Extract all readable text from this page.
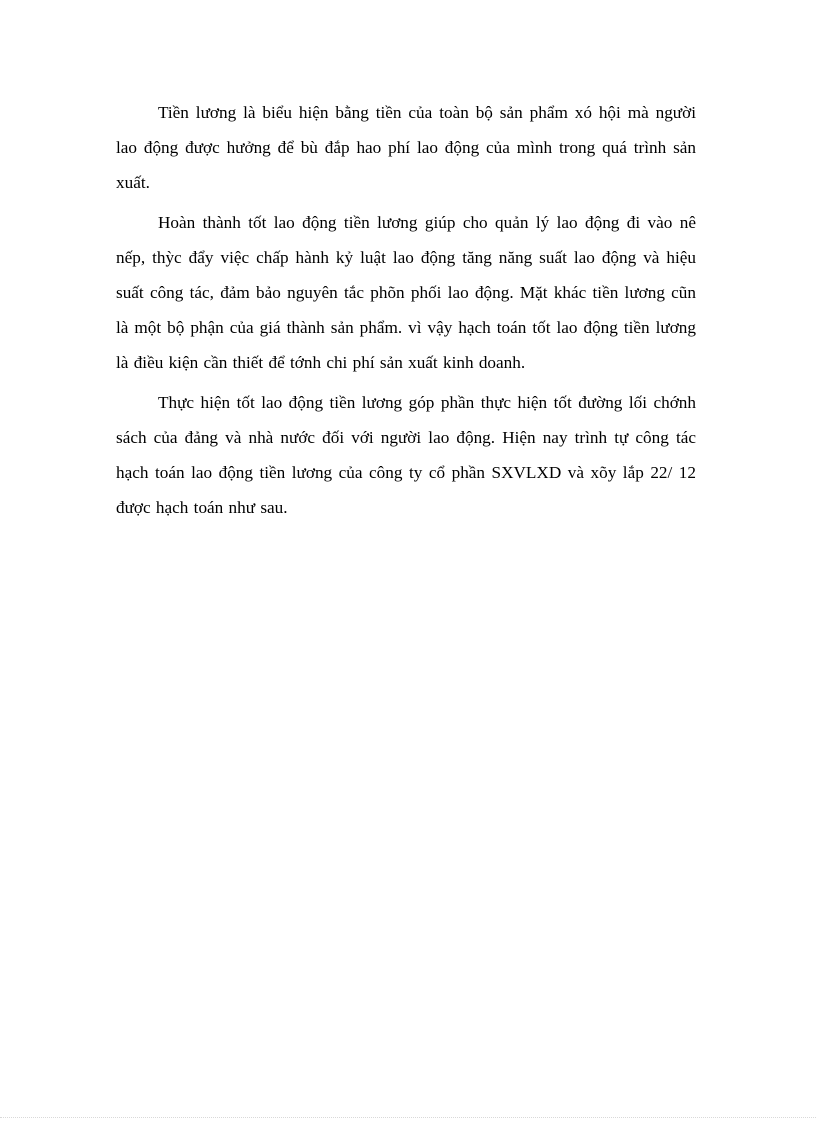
Tiền lương là biểu hiện bằng tiền của toàn bộ sản phẩm xó hội mà người lao động được hưởng để bù đắp hao phí lao động của mình trong quá trình sản xuất.

Hoàn thành tốt lao động tiền lương giúp cho quản lý lao động đi vào nê nếp, thỳc đẩy việc chấp hành kỷ luật lao động tăng năng suất lao động và hiệu suất công tác, đảm bảo nguyên tắc phõn phối lao động. Mặt khác tiền lương cũn là một bộ phận của giá thành sản phẩm. vì vậy hạch toán tốt lao động tiền lương là điều kiện cần thiết để tớnh chi phí sản xuất kinh doanh.

Thực hiện tốt lao động tiền lương góp phần thực hiện tốt đường lối chớnh sách của đảng và nhà nước đối với người lao động. Hiện nay trình tự công tác hạch toán lao động tiền lương của công ty cổ phần SXVLXD và xõy lắp 22/ 12 được hạch toán như sau.
